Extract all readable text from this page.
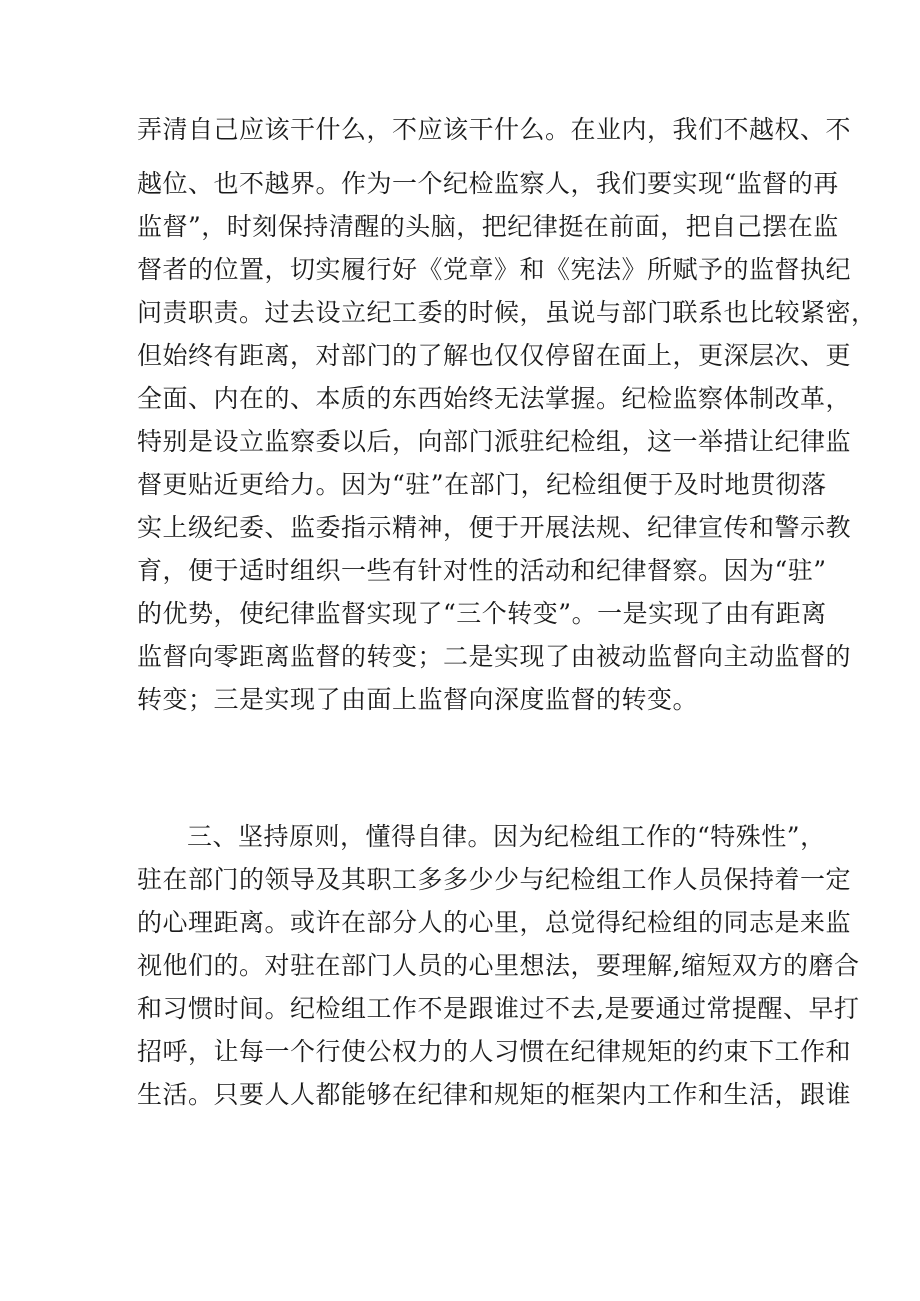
弄清自己应该干什么，不应该干什么。在业内，我们不越权、不
越位、也不越界。作为一个纪检监察人，我们要实现“监督的再
监督”，时刻保持清醒的头脑，把纪律挺在前面，把自己摆在监
督者的位置，切实履行好《党章》和《宪法》所赋予的监督执纪
问责职责。过去设立纪工委的时候，虽说与部门联系也比较紧密，
但始终有距离，对部门的了解也仅仅停留在面上，更深层次、更
全面、内在的、本质的东西始终无法掌握。纪检监察体制改革，
特别是设立监察委以后，向部门派驻纪检组，这一举措让纪律监
督更贴近更给力。因为“驻”在部门，纪检组便于及时地贯彻落
实上级纪委、监委指示精神，便于开展法规、纪律宣传和警示教
育，便于适时组织一些有针对性的活动和纪律督察。因为“驻”
的优势，使纪律监督实现了“三个转变”。一是实现了由有距离
监督向零距离监督的转变；二是实现了由被动监督向主动监督的
转变；三是实现了由面上监督向深度监督的转变。
三、坚持原则，懂得自律。因为纪检组工作的“特殊性”，
驻在部门的领导及其职工多多少少与纪检组工作人员保持着一定
的心理距离。或许在部分人的心里，总觉得纪检组的同志是来监
视他们的。对驻在部门人员的心里想法，要理解,缩短双方的磨合
和习惯时间。纪检组工作不是跟谁过不去,是要通过常提醒、早打
招呼，让每一个行使公权力的人习惯在纪律规矩的约束下工作和
生活。只要人人都能够在纪律和规矩的框架内工作和生活，跟谁
